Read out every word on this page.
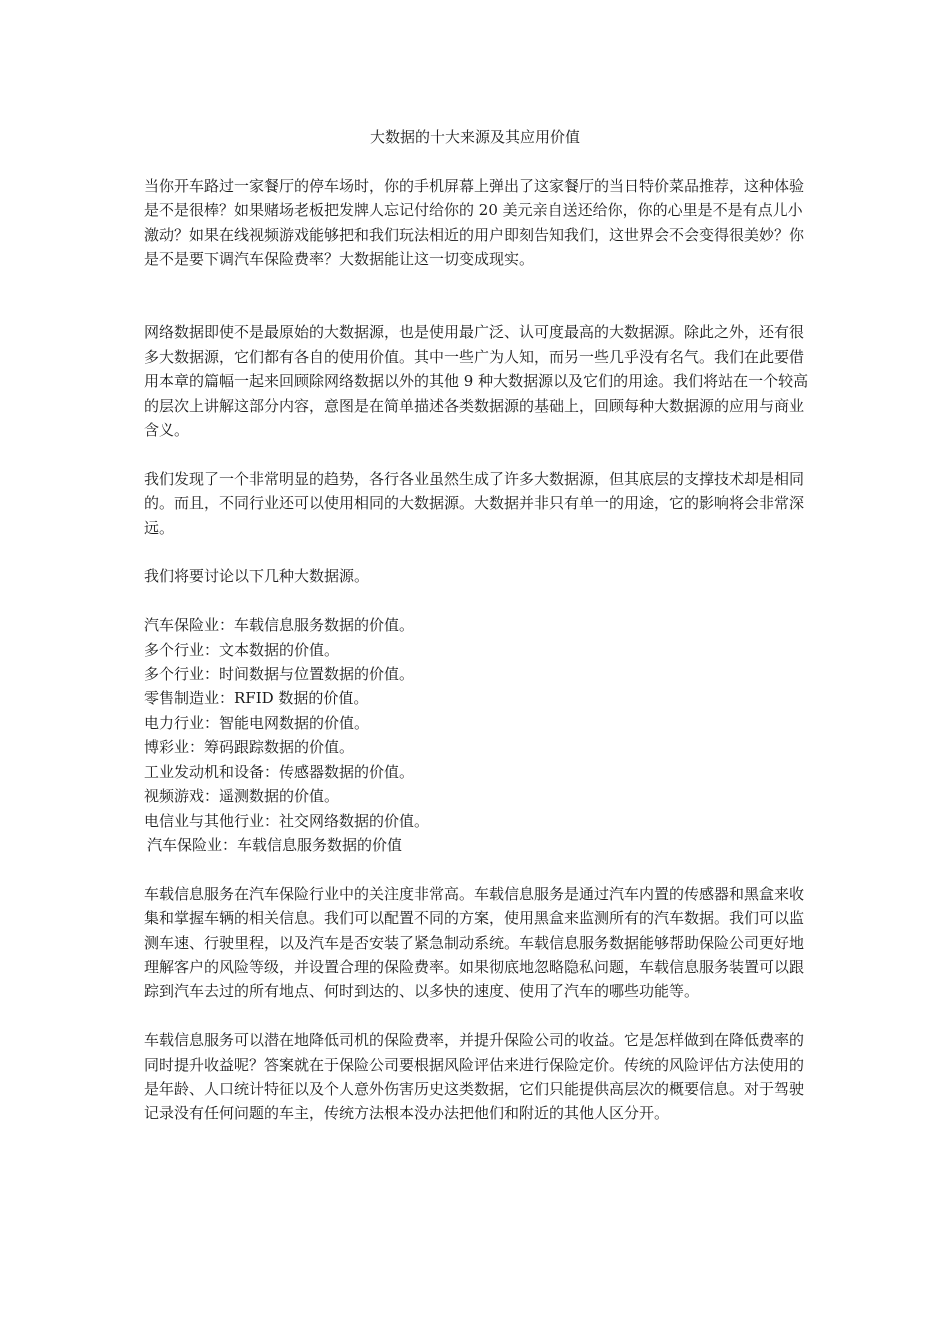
大数据的十大来源及其应用价值

当你开车路过一家餐厅的停车场时，你的手机屏幕上弹出了这家餐厅的当日特价菜品推荐，这种体验是不是很棒？如果赌场老板把发牌人忘记付给你的 20 美元亲自送还给你，你的心里是不是有点儿小激动？如果在线视频游戏能够把和我们玩法相近的用户即刻告知我们，这世界会不会变得很美妙？你是不是要下调汽车保险费率？大数据能让这一切变成现实。

网络数据即使不是最原始的大数据源，也是使用最广泛、认可度最高的大数据源。除此之外，还有很多大数据源，它们都有各自的使用价值。其中一些广为人知，而另一些几乎没有名气。我们在此要借用本章的篇幅一起来回顾除网络数据以外的其他 9 种大数据源以及它们的用途。我们将站在一个较高的层次上讲解这部分内容，意图是在简单描述各类数据源的基础上，回顾每种大数据源的应用与商业含义。

我们发现了一个非常明显的趋势，各行各业虽然生成了许多大数据源，但其底层的支撑技术却是相同的。而且，不同行业还可以使用相同的大数据源。大数据并非只有单一的用途，它的影响将会非常深远。

我们将要讨论以下几种大数据源。

汽车保险业：车载信息服务数据的价值。

多个行业：文本数据的价值。

多个行业：时间数据与位置数据的价值。

零售制造业：RFID 数据的价值。

电力行业：智能电网数据的价值。

博彩业：筹码跟踪数据的价值。

工业发动机和设备：传感器数据的价值。

视频游戏：遥测数据的价值。

电信业与其他行业：社交网络数据的价值。

汽车保险业：车载信息服务数据的价值

车载信息服务在汽车保险行业中的关注度非常高。车载信息服务是通过汽车内置的传感器和黑盒来收集和掌握车辆的相关信息。我们可以配置不同的方案，使用黑盒来监测所有的汽车数据。我们可以监测车速、行驶里程，以及汽车是否安装了紧急制动系统。车载信息服务数据能够帮助保险公司更好地理解客户的风险等级，并设置合理的保险费率。如果彻底地忽略隐私问题，车载信息服务装置可以跟踪到汽车去过的所有地点、何时到达的、以多快的速度、使用了汽车的哪些功能等。

车载信息服务可以潜在地降低司机的保险费率，并提升保险公司的收益。它是怎样做到在降低费率的同时提升收益呢？答案就在于保险公司要根据风险评估来进行保险定价。传统的风险评估方法使用的是年龄、人口统计特征以及个人意外伤害历史这类数据，它们只能提供高层次的概要信息。对于驾驶记录没有任何问题的车主，传统方法根本没办法把他们和附近的其他人区分开。
